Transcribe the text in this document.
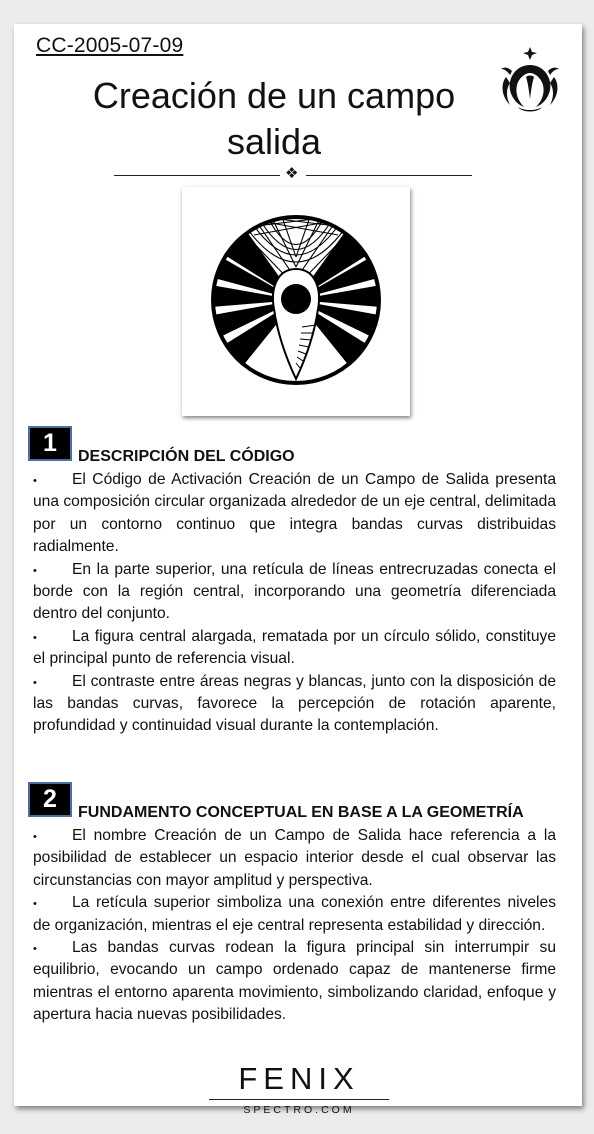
CC-2005-07-09
Creación de un campo salida
❖
1	DESCRIPCIÓN DEL CÓDIGO
• El Código de Activación Creación de un Campo de Salida presenta una composición circular organizada alrededor de un eje central, delimitada por un contorno continuo que integra bandas curvas distribuidas radialmente.
• En la parte superior, una retícula de líneas entrecruzadas conecta el borde con la región central, incorporando una geometría diferenciada dentro del conjunto.
• La figura central alargada, rematada por un círculo sólido, constituye el principal punto de referencia visual.
• El contraste entre áreas negras y blancas, junto con la disposición de las bandas curvas, favorece la percepción de rotación aparente, profundidad y continuidad visual durante la contemplación.
2	FUNDAMENTO CONCEPTUAL EN BASE A LA GEOMETRÍA
• El nombre Creación de un Campo de Salida hace referencia a la posibilidad de establecer un espacio interior desde el cual observar las circunstancias con mayor amplitud y perspectiva.
• La retícula superior simboliza una conexión entre diferentes niveles de organización, mientras el eje central representa estabilidad y dirección.
• Las bandas curvas rodean la figura principal sin interrumpir su equilibrio, evocando un campo ordenado capaz de mantenerse firme mientras el entorno aparenta movimiento, simbolizando claridad, enfoque y apertura hacia nuevas posibilidades.
FENIX
SPECTRO.COM
